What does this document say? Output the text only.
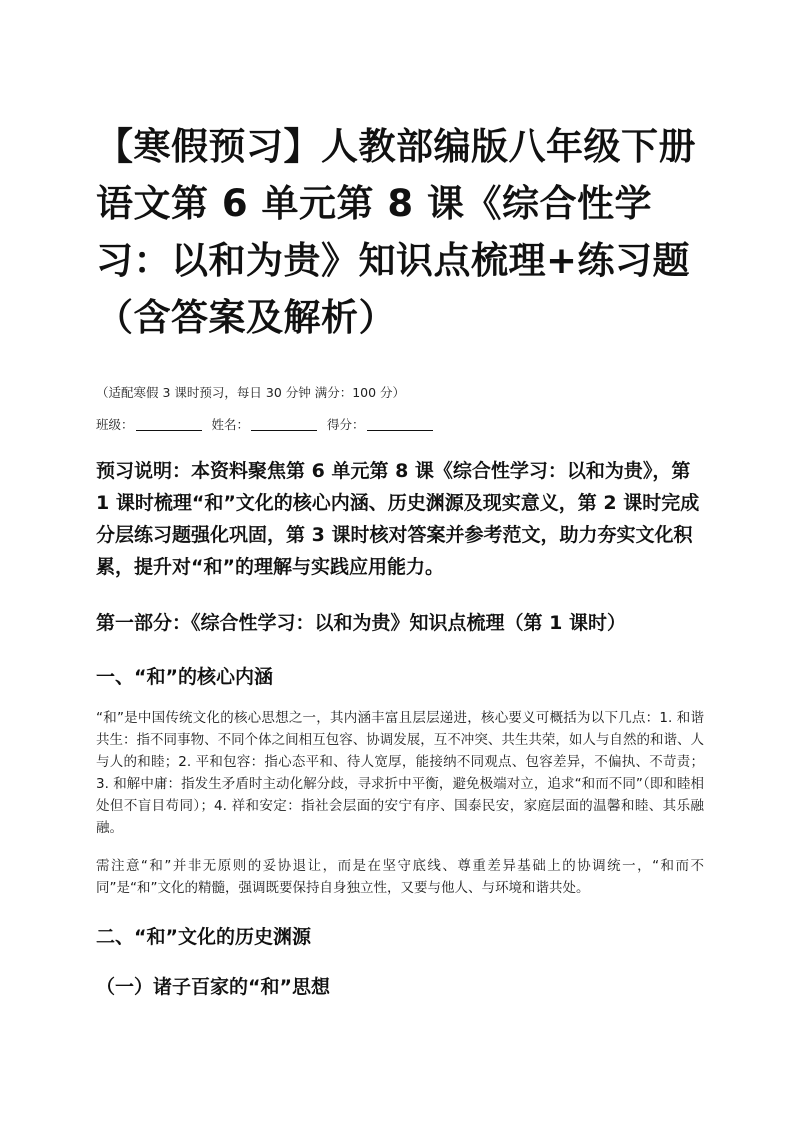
【寒假预习】人教部编版八年级下册语文第 6 单元第 8 课《综合性学习：以和为贵》知识点梳理+练习题（含答案及解析）

（适配寒假 3 课时预习，每日 30 分钟 满分：100 分）

班级：	姓名：	得分：

预习说明：本资料聚焦第 6 单元第 8 课《综合性学习：以和为贵》，第 1 课时梳理“和”文化的核心内涵、历史渊源及现实意义，第 2 课时完成分层练习题强化巩固，第 3 课时核对答案并参考范文，助力夯实文化积累，提升对“和”的理解与实践应用能力。

第一部分：《综合性学习：以和为贵》知识点梳理（第 1 课时）
一、“和”的核心内涵

“和”是中国传统文化的核心思想之一，其内涵丰富且层层递进，核心要义可概括为以下几点：1. 和谐共生：指不同事物、不同个体之间相互包容、协调发展，互不冲突、共生共荣，如人与自然的和谐、人与人的和睦；2. 平和包容：指心态平和、待人宽厚，能接纳不同观点、包容差异，不偏执、不苛责；3. 和解中庸：指发生矛盾时主动化解分歧，寻求折中平衡，避免极端对立，追求“和而不同”（即和睦相处但不盲目苟同）；4. 祥和安定：指社会层面的安宁有序、国泰民安，家庭层面的温馨和睦、其乐融融。

需注意“和”并非无原则的妥协退让，而是在坚守底线、尊重差异基础上的协调统一，“和而不同”是“和”文化的精髓，强调既要保持自身独立性，又要与他人、与环境和谐共处。

二、“和”文化的历史渊源
（一）诸子百家的“和”思想
